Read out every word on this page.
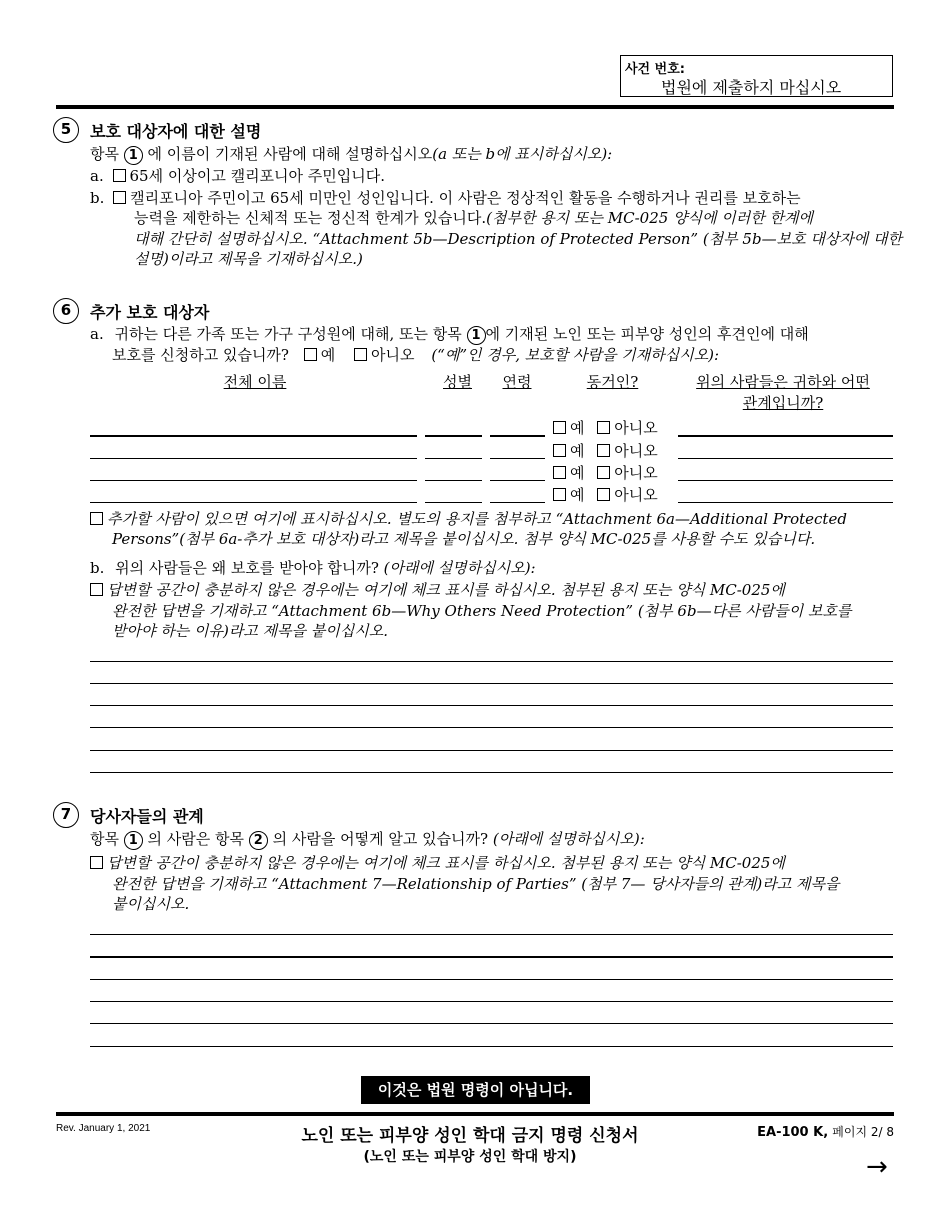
사건 번호:
법원에 제출하지 마십시오
5	보호 대상자에 대한 설명
항목 1 에 이름이 기재된 사람에 대해 설명하십시오(a 또는 b에 표시하십시오):
a. 65세 이상이고 캘리포니아 주민입니다.
b. 캘리포니아 주민이고 65세 미만인 성인입니다. 이 사람은 정상적인 활동을 수행하거나 권리를 보호하는
능력을 제한하는 신체적 또는 정신적 한계가 있습니다.(첨부한 용지 또는 MC-025 양식에 이러한 한계에
대해 간단히 설명하십시오. “Attachment 5b—Description of Protected Person” (첨부 5b—보호 대상자에 대한
설명)이라고 제목을 기재하십시오.)
6	추가 보호 대상자
a. 귀하는 다른 가족 또는 가구 구성원에 대해, 또는 항목 1 에 기재된 노인 또는 피부양 성인의 후견인에 대해
보호를 신청하고 있습니까? 예 아니오 (“예”인 경우, 보호할 사람을 기재하십시오):
전체 이름	성별	연령	동거인?	위의 사람들은 귀하와 어떤
관계입니까?
예 아니오
예 아니오
예 아니오
예 아니오
추가할 사람이 있으면 여기에 표시하십시오. 별도의 용지를 첨부하고 “Attachment 6a—Additional Protected
Persons”(첨부 6a-추가 보호 대상자)라고 제목을 붙이십시오. 첨부 양식 MC-025를 사용할 수도 있습니다.
b. 위의 사람들은 왜 보호를 받아야 합니까? (아래에 설명하십시오):
답변할 공간이 충분하지 않은 경우에는 여기에 체크 표시를 하십시오. 첨부된 용지 또는 양식 MC-025에
완전한 답변을 기재하고 “Attachment 6b—Why Others Need Protection” (첨부 6b—다른 사람들이 보호를
받아야 하는 이유)라고 제목을 붙이십시오.
7	당사자들의 관계
항목 1 의 사람은 항목 2 의 사람을 어떻게 알고 있습니까? (아래에 설명하십시오):
답변할 공간이 충분하지 않은 경우에는 여기에 체크 표시를 하십시오. 첨부된 용지 또는 양식 MC-025에
완전한 답변을 기재하고 “Attachment 7—Relationship of Parties” (첨부 7— 당사자들의 관계)라고 제목을
붙이십시오.
이것은 법원 명령이 아닙니다.
Rev. January 1, 2021	노인 또는 피부양 성인 학대 금지 명령 신청서
(노인 또는 피부양 성인 학대 방지)
EA-100 K, 페이지 2/ 8
→
